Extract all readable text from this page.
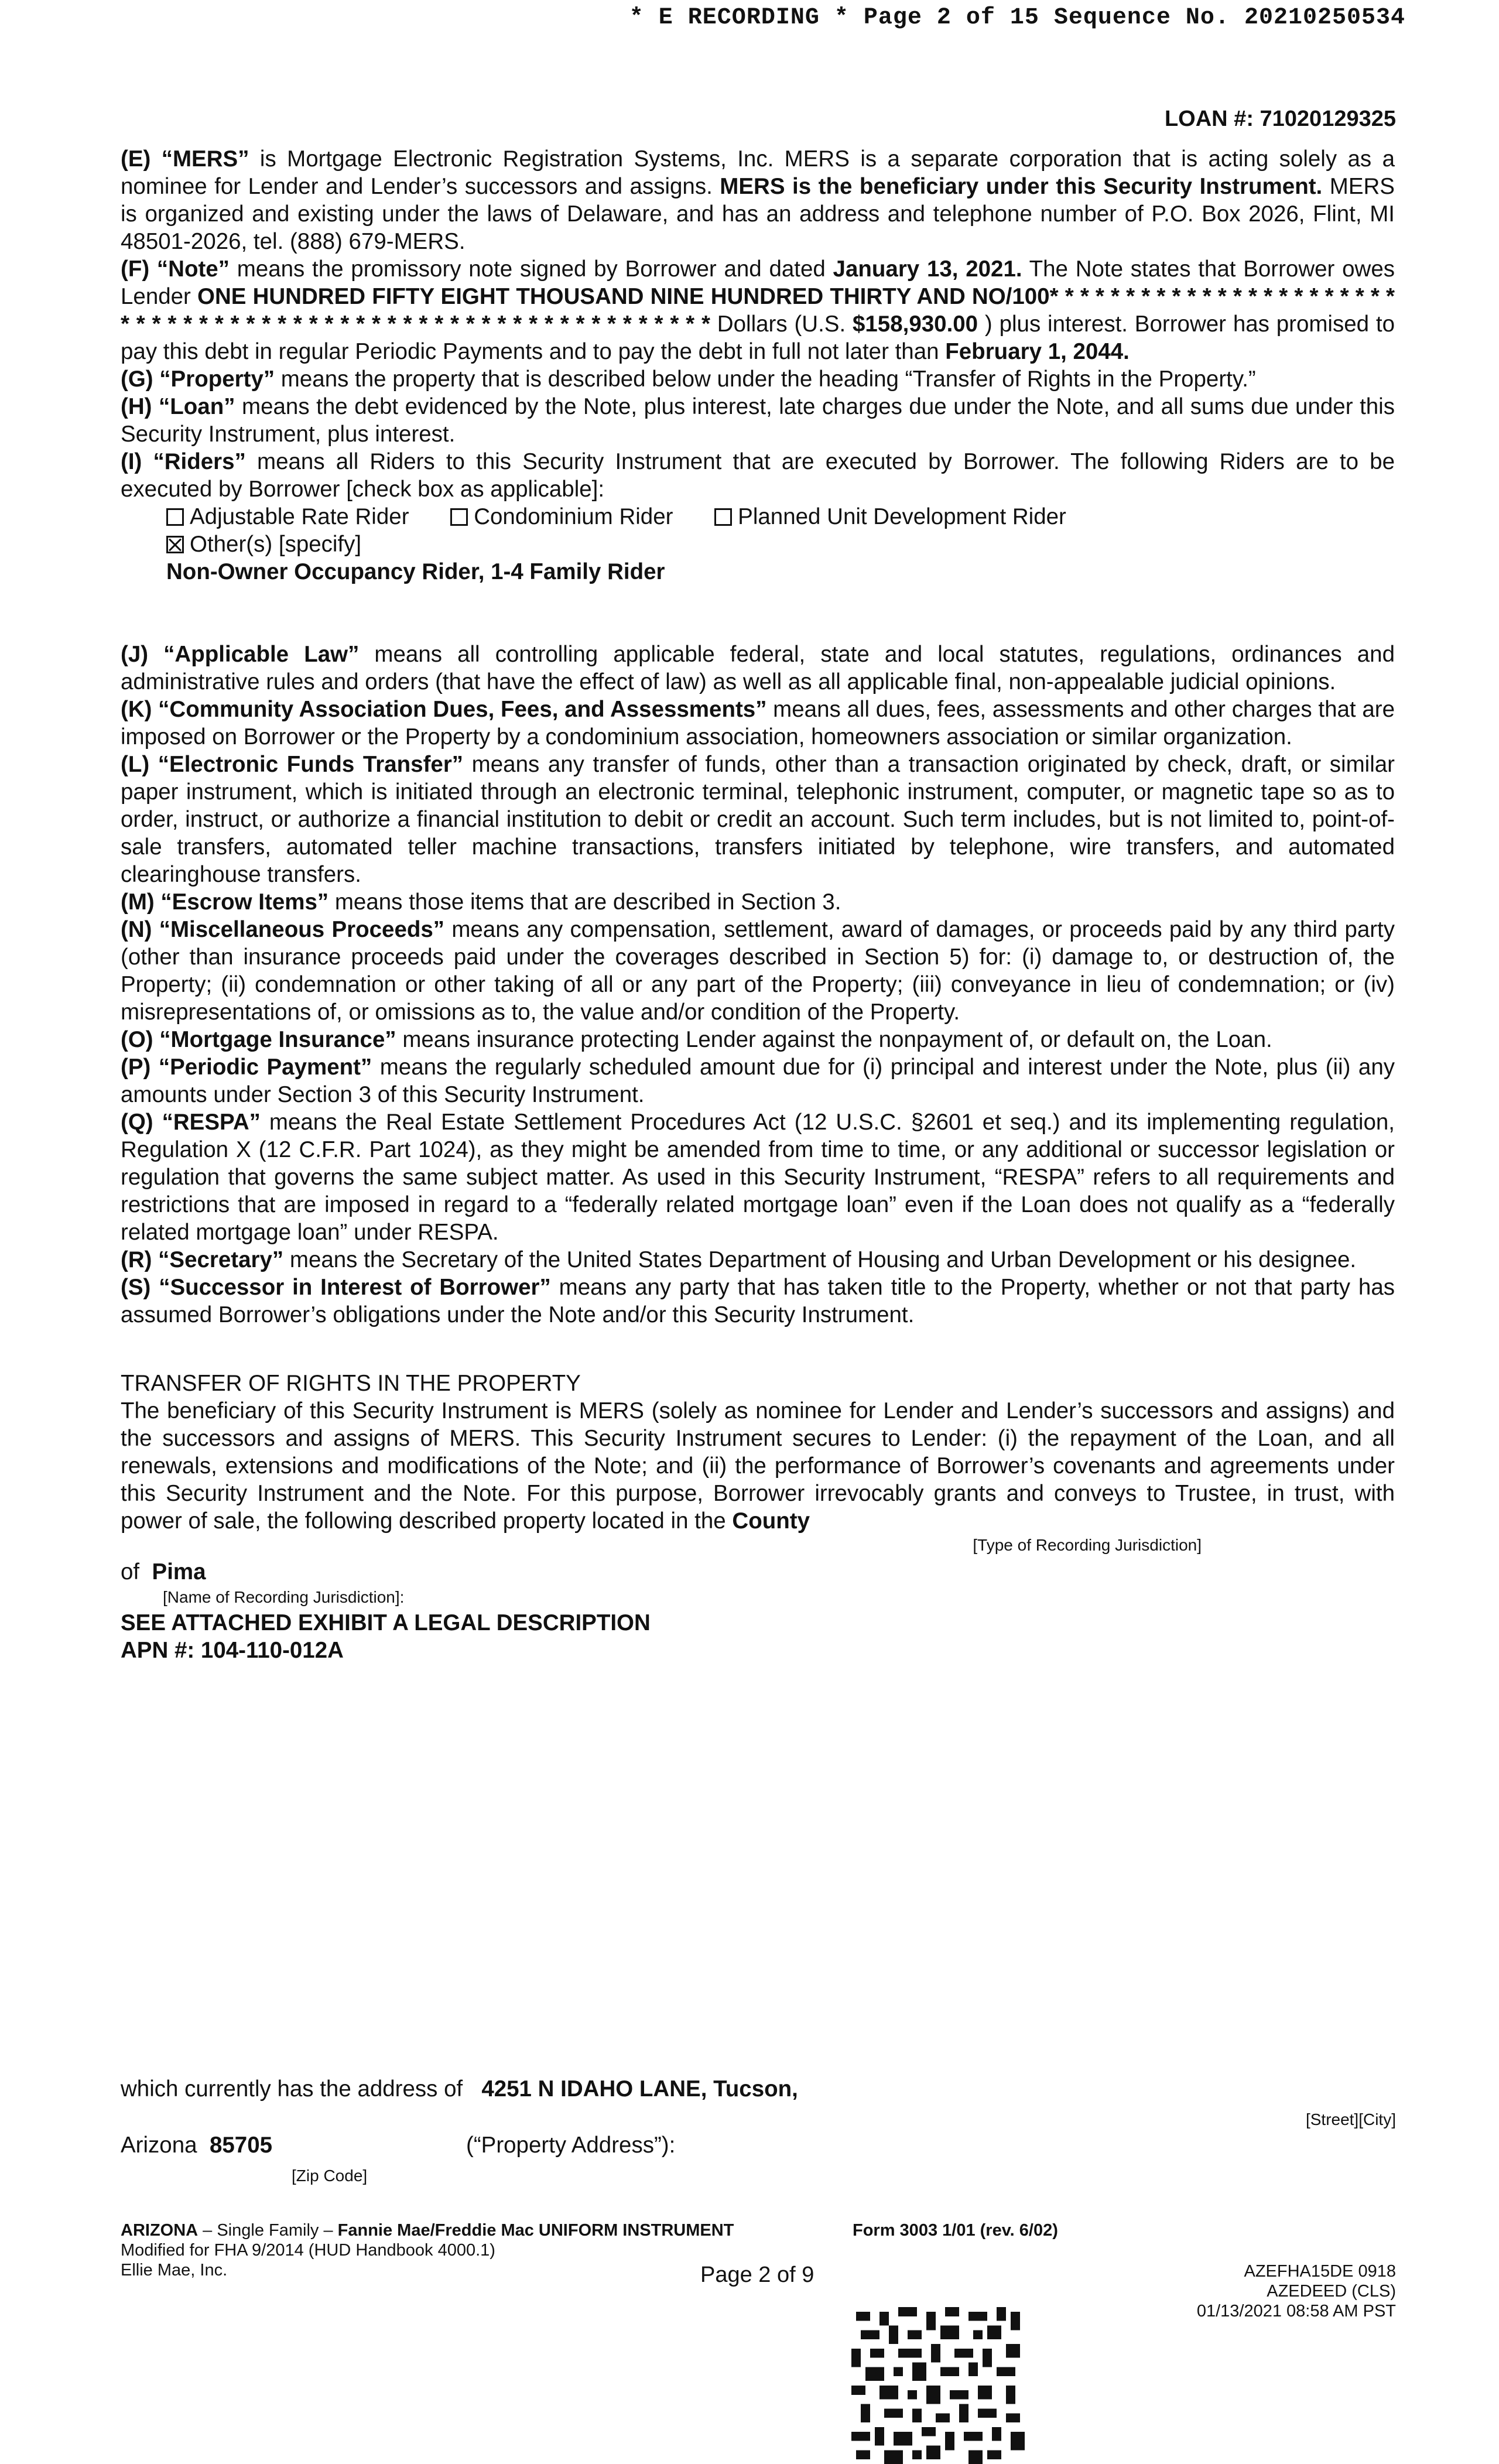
* E RECORDING * Page 2 of 15 Sequence No. 20210250534
LOAN #: 71020129325

(E) “MERS” is Mortgage Electronic Registration Systems, Inc. MERS is a separate corporation that is acting solely as a nominee for Lender and Lender’s successors and assigns. MERS is the beneficiary under this Security Instrument. MERS is organized and existing under the laws of Delaware, and has an address and telephone number of P.O. Box 2026, Flint, MI 48501-2026, tel. (888) 679-MERS.

(F) “Note” means the promissory note signed by Borrower and dated January 13, 2021. The Note states that Borrower owes Lender ONE HUNDRED FIFTY EIGHT THOUSAND NINE HUNDRED THIRTY AND NO/100* * * * * * * * * * * * * * * * * * * * * * * * * * * * * * * * * * * * * * * * * * * * * * * * * * * * * * * * * * * * * Dollars (U.S. $158,930.00 ) plus interest. Borrower has promised to pay this debt in regular Periodic Payments and to pay the debt in full not later than February 1, 2044.

(G) “Property” means the property that is described below under the heading “Transfer of Rights in the Property.”

(H) “Loan” means the debt evidenced by the Note, plus interest, late charges due under the Note, and all sums due under this Security Instrument, plus interest.

(I) “Riders” means all Riders to this Security Instrument that are executed by Borrower. The following Riders are to be executed by Borrower [check box as applicable]:

Adjustable Rate Rider	Condominium Rider	Planned Unit Development Rider

Other(s) [specify]

Non-Owner Occupancy Rider, 1-4 Family Rider

(J) “Applicable Law” means all controlling applicable federal, state and local statutes, regulations, ordinances and administrative rules and orders (that have the effect of law) as well as all applicable final, non-appealable judicial opinions.

(K) “Community Association Dues, Fees, and Assessments” means all dues, fees, assessments and other charges that are imposed on Borrower or the Property by a condominium association, homeowners association or similar organization.

(L) “Electronic Funds Transfer” means any transfer of funds, other than a transaction originated by check, draft, or similar paper instrument, which is initiated through an electronic terminal, telephonic instrument, computer, or magnetic tape so as to order, instruct, or authorize a financial institution to debit or credit an account. Such term includes, but is not limited to, point-of-sale transfers, automated teller machine transactions, transfers initiated by telephone, wire transfers, and automated clearinghouse transfers.

(M) “Escrow Items” means those items that are described in Section 3.

(N) “Miscellaneous Proceeds” means any compensation, settlement, award of damages, or proceeds paid by any third party (other than insurance proceeds paid under the coverages described in Section 5) for: (i) damage to, or destruction of, the Property; (ii) condemnation or other taking of all or any part of the Property; (iii) conveyance in lieu of condemnation; or (iv) misrepresentations of, or omissions as to, the value and/or condition of the Property.

(O) “Mortgage Insurance” means insurance protecting Lender against the nonpayment of, or default on, the Loan.

(P) “Periodic Payment” means the regularly scheduled amount due for (i) principal and interest under the Note, plus (ii) any amounts under Section 3 of this Security Instrument.

(Q) “RESPA” means the Real Estate Settlement Procedures Act (12 U.S.C. §2601 et seq.) and its implementing regulation, Regulation X (12 C.F.R. Part 1024), as they might be amended from time to time, or any additional or successor legislation or regulation that governs the same subject matter. As used in this Security Instrument, “RESPA” refers to all requirements and restrictions that are imposed in regard to a “federally related mortgage loan” even if the Loan does not qualify as a “federally related mortgage loan” under RESPA.

(R) “Secretary” means the Secretary of the United States Department of Housing and Urban Development or his designee.

(S) “Successor in Interest of Borrower” means any party that has taken title to the Property, whether or not that party has assumed Borrower’s obligations under the Note and/or this Security Instrument.

TRANSFER OF RIGHTS IN THE PROPERTY

The beneficiary of this Security Instrument is MERS (solely as nominee for Lender and Lender’s successors and assigns) and the successors and assigns of MERS. This Security Instrument secures to Lender: (i) the repayment of the Loan, and all renewals, extensions and modifications of the Note; and (ii) the performance of Borrower’s covenants and agreements under this Security Instrument and the Note. For this purpose, Borrower irrevocably grants and conveys to Trustee, in trust, with power of sale, the following described property located in the County

[Type of Recording Jurisdiction]

of Pima

[Name of Recording Jurisdiction]:

SEE ATTACHED EXHIBIT A LEGAL DESCRIPTION

APN #: 104-110-012A

which currently has the address of 4251 N IDAHO LANE, Tucson,
[Street][City]
Arizona 85705	(“Property Address”):
[Zip Code]
ARIZONA – Single Family – Fannie Mae/Freddie Mac UNIFORM INSTRUMENT
Modified for FHA 9/2014 (HUD Handbook 4000.1)
Ellie Mae, Inc.
Form 3003 1/01 (rev. 6/02)
Page 2 of 9	AZEFHA15DE 0918
AZEDEED (CLS)
01/13/2021 08:58 AM PST
